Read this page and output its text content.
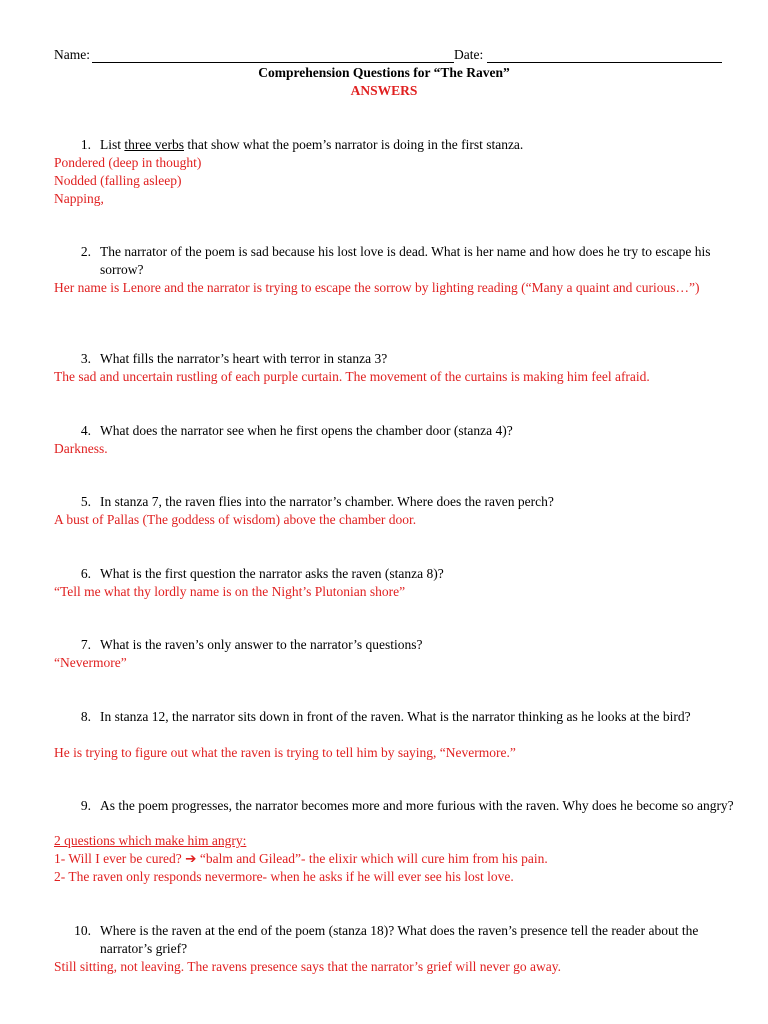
Name:	Date:
Comprehension Questions for “The Raven”
ANSWERS
1. List three verbs that show what the poem’s narrator is doing in the first stanza.
Pondered (deep in thought)
Nodded (falling asleep)
Napping,
2. The narrator of the poem is sad because his lost love is dead. What is her name and how does he try to escape his sorrow?
Her name is Lenore and the narrator is trying to escape the sorrow by lighting reading (“Many a quaint and curious…”)
3. What fills the narrator’s heart with terror in stanza 3?
The sad and uncertain rustling of each purple curtain. The movement of the curtains is making him feel afraid.
4. What does the narrator see when he first opens the chamber door (stanza 4)?
Darkness.
5. In stanza 7, the raven flies into the narrator’s chamber. Where does the raven perch?
A bust of Pallas (The goddess of wisdom) above the chamber door.
6. What is the first question the narrator asks the raven (stanza 8)?
“Tell me what thy lordly name is on the Night’s Plutonian shore”
7. What is the raven’s only answer to the narrator’s questions?
“Nevermore”
8. In stanza 12, the narrator sits down in front of the raven. What is the narrator thinking as he looks at the bird?
He is trying to figure out what the raven is trying to tell him by saying, “Nevermore.”
9. As the poem progresses, the narrator becomes more and more furious with the raven. Why does he become so angry?
2 questions which make him angry:
1- Will I ever be cured? ➔ “balm and Gilead”- the elixir which will cure him from his pain.
2- The raven only responds nevermore- when he asks if he will ever see his lost love.
10. Where is the raven at the end of the poem (stanza 18)? What does the raven’s presence tell the reader about the narrator’s grief?
Still sitting, not leaving. The ravens presence says that the narrator’s grief will never go away.
